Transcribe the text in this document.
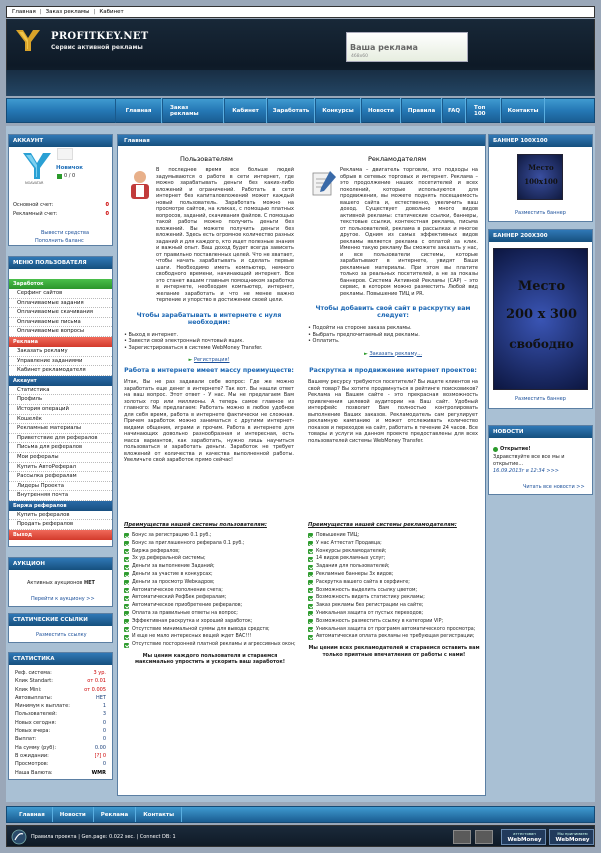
Главная | Заказ рекламы | Кабинет
PROFITKEY.NET
Сервис активной рекламы	Ваша реклама
468x60
Главная	Заказ рекламы	Кабинет	Заработать	Конкурсы	Новости	Правила	FAQ	Топ 100	Контакты
АККАУНТ
NOAVATAR
Новичок
0 / 0
Основной счет:	0
Рекламный счет:	0
Вывести средства
Пополнить баланс
МЕНЮ ПОЛЬЗОВАТЕЛЯ
Заработок
Серфинг сайтов
Оплачиваемые задания
Оплачиваемые скачивания
Оплачиваемые письма
Оплачиваемые вопросы
Реклама
Заказать рекламу
Управление заданиями
Кабинет рекламодателя
Аккаунт
Статистика
Профиль
История операций
Кошелёк
Рекламные материалы
Приветствие для рефералов
Письма для рефералов
Мои рефералы
Купить АвтоРеферал
Рассылка рефералам
Лидеры Проекта
Внутренняя почта
Биржа рефералов
Купить рефералов
Продать рефералов
Выход
АУКЦИОН
Активных аукционов НЕТ
Перейти к аукциону >>
СТАТИЧЕСКИЕ ССЫЛКИ
Разместить ссылку
СТАТИСТИКА
Реф. система:	3 ур.
Клик Standart:	от 0.01
Клик Mini:	от 0.005
Автовыплаты:	НЕТ
Минимум к выплате:	1
Пользователей:	3
Новых сегодня:	0
Новых вчера:	0
Выплат:	0
На сумму (руб):	0.00
В ожидании:	[?] 0
Просмотров:	0
Наша Валюта:	WMR
Главная
Пользователям
В последнее время все больше людей задумываются о работе в сети интернет, где можно зарабатывать деньги без каких-либо вложений и ограничений. Работать в сети интернет без капиталовложений может каждый новый пользователь. Заработать можно на просмотре сайтов, на кликах, с помощью платных вопросов, заданий, скачивания файлов. С помощью такой работы можно получить деньги без вложений. Вы можете получить деньги без вложений. Здесь есть огромное количество разных заданий и для каждого, кто ищет полезные знания и важный опыт. Ваш доход будет всегда зависеть от правильно поставленных целей. Что не хватает, чтобы начать зарабатывать и сделать первые шаги. Необходимо иметь компьютер, немного свободного времени, начинающий интернет. Все это станет вашим главным помощником заработка в интернете, необходим компьютер, интернет, желание заработать и что не менее важно терпение и упорство в достижении своей цели.
Чтобы зарабатывать в интернете с нуля необходим:
• Выход в интернет.
• Завести свой электронный почтовый ящик.
• Зарегистрироваться в системе WebMoney Transfer.
► Регистрация!
Рекламодателям
Реклама – двигатель торговли, это подходы на обрыв в сетевых торговых и интернет. Реклама – это продолжение наших посетителей и всех поколений, которые используются для продвижения, вы можете поднять посещаемость вашего сайта и, естественно, увеличить ваш доход. Существует довольно много видов активной рекламы: статические ссылки, баннеры, текстовые ссылки, контекстная реклама, письма от пользователей, реклама в рассылках и многое другое. Одним из самых эффективных видов рекламы является реклама с оплатой за клик. Именно такую рекламу Вы сможете заказать у нас, и все пользователи системы, которые зарабатывают в интернете, увидят Ваши рекламные материалы. При этом вы платите только за реальных посетителей, а не за показы баннеров. Система Активной Рекламы (САР) – это сервис, в котором можно разместить Любой вид рекламы. Повышение ТИЦ и PR.
Чтобы добавить свой сайт в раскрутку вам следует:
• Подойти на стороне заказа рекламы.
• Выбрать предпочитаемый вид рекламы.
• Оплатить.
► Заказать рекламу...
Работа в интернете имеет массу преимуществ:
Итак, Вы не раз задавали себе вопрос: Где же можно заработать еще денег в интернете? Так вот. Вы нашли ответ на ваш вопрос. Этот ответ - У нас. Мы не предлагаем Вам золотых гор или миллионы. А теперь самое главное из главного: Мы предлагаем: Работать можно в любое удобное для себя время, работа в интернете фактически не сложная. Причем заработок можно заниматься с другими интернет-видами общения, играми и прочим. Работа в интернете для начинающих довольно разнообразная и интересная, есть масса вариантов, как заработать, нужно лишь научиться пользоваться и заработать деньги. Заработок не требует вложений от количества и качества выполненной работы. Увеличьте свой заработок прямо сейчас!
Раскрутка и продвижение интернет проектов:
Вашему ресурсу требуются посетители? Вы ищете клиентов на свой товар? Вы хотите продвинуться в рейтинге поисковиков? Реклама на Вашем сайте - это прекрасная возможность привлечения целевой аудитории на Ваш сайт. Удобный интерфейс позволит Вам полностью контролировать выполнение Ваших заказов. Рекламодатель сам регулирует рекламную кампанию и может отслеживать количество показов и переходов на сайт, работать в течение 24 часов. Все товары и услуги на данном проекте предоставлены для всех пользователей системы WebMoney Transfer.
Преимущества нашей системы пользователям:
Бонус за регистрацию 0.1 руб.;
Бонус за приглашенного реферала 0.1 руб.;
Биржа рефералов;
3х ур.реферальной системы;
Деньги за выполнение Заданий;
Деньги за участие в конкурсах;
Деньги за просмотр Webкадров;
Автоматическое пополнение счета;
Автоматический РефБек рефералам;
Автоматическое приобретение рефералов;
Оплата за правильные ответы на вопрос;
Эффективная раскрутка и хороший заработок;
Отсутствие минимальной суммы для вывода средств;
И еще не мало интересных вещей ждет ВАС!!!
Отсутствие посторонней платной рекламы и агрессивных окон;
Мы ценим каждого пользователя и стараемся максимально упростить и ускорить ваш заработок!
Преимущества нашей системы рекламодателям:
Повышение ТИЦ;
У нас Аттестат Продавца;
Конкурсы рекламодателей;
14 видов рекламных услуг;
Задания для пользователей;
Рекламные баннеры 3х видов;
Раскрутка вашего сайта в серфинге;
Возможность выделить ссылку цветом;
Возможность видеть статистику рекламы;
Заказ рекламы без регистрации на сайте;
Уникальная защита от пустых переходов;
Возможность разместить ссылку в категории VIP;
Уникальная защита от программ автоматического просмотра;
Автоматическая оплата рекламы не требующая регистрации;
Мы ценим всех рекламодателей и стараемся оставить вам только приятные впечатления от работы с нами!
БАННЕР 100Х100
Место
100x100
Разместить баннер
БАННЕР 200Х300
Место
200 х 300
свободно
Разместить баннер
НОВОСТИ
Открытие!
Здравствуйте все все мы и открытие...
16.09.2013г в 12:34 >>>
Читать все новости >>
Главная	Новости	Реклама	Контакты
Правила проекта | Gen.page: 0.022 sec. | Connect DB: 1
аттестован
WebMoney
Мы принимаем
WebMoney
